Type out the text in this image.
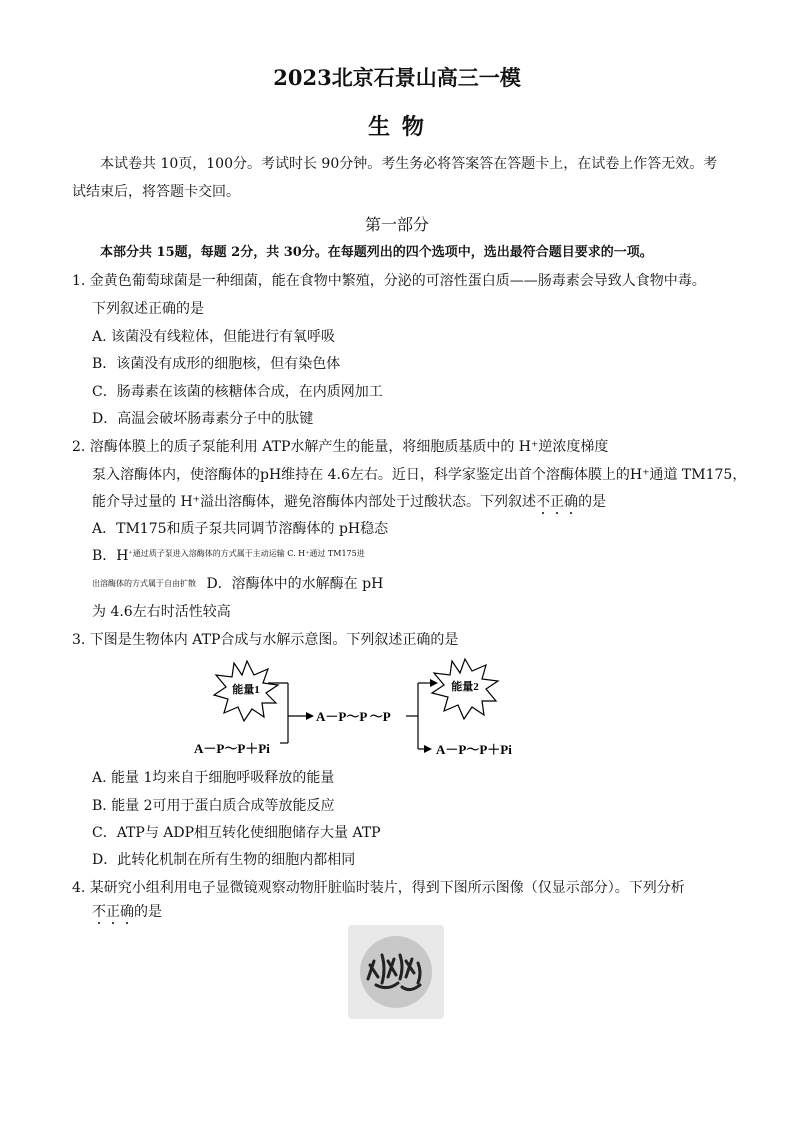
2023北京石景山高三一模
生 物
本试卷共 10页，100分。考试时长 90分钟。考生务必将答案答在答题卡上，在试卷上作答无效。考
试结束后，将答题卡交回。
第一部分
本部分共 15题，每题 2分，共 30分。在每题列出的四个选项中，选出最符合题目要求的一项。
1. 金黄色葡萄球菌是一种细菌，能在食物中繁殖，分泌的可溶性蛋白质——肠毒素会导致人食物中毒。
下列叙述正确的是
A. 该菌没有线粒体，但能进行有氧呼吸
B．该菌没有成形的细胞核，但有染色体
C．肠毒素在该菌的核糖体合成，在内质网加工
D．高温会破坏肠毒素分子中的肽键
2. 溶酶体膜上的质子泵能利用 ATP水解产生的能量，将细胞质基质中的 H⁺逆浓度梯度
泵入溶酶体内，使溶酶体的pH维持在 4.6左右。近日，科学家鉴定出首个溶酶体膜上的H⁺通道 TM175，
能介导过量的 H⁺溢出溶酶体，避免溶酶体内部处于过酸状态。下列叙述不正确的是
A．TM175和质子泵共同调节溶酶体的 pH稳态
B．$H^{^+通过质子泵进入溶酶体的方式属于主动运输 C. H^+通过 TM175进}$
出溶酶体的方式属于自由扩散 D．溶酶体中的水解酶在 pH
为 4.6左右时活性较高
3. 下图是生物体内 ATP合成与水解示意图。下列叙述正确的是
能量1	能量2
A－P～P＋Pi
A－P～P ～P
A－P～P＋Pi
A. 能量 1均来自于细胞呼吸释放的能量
B. 能量 2可用于蛋白质合成等放能反应
C．ATP与 ADP相互转化使细胞储存大量 ATP
D．此转化机制在所有生物的细胞内都相同
4. 某研究小组利用电子显微镜观察动物肝脏临时装片，得到下图所示图像（仅显示部分）。下列分析
不正确的是
